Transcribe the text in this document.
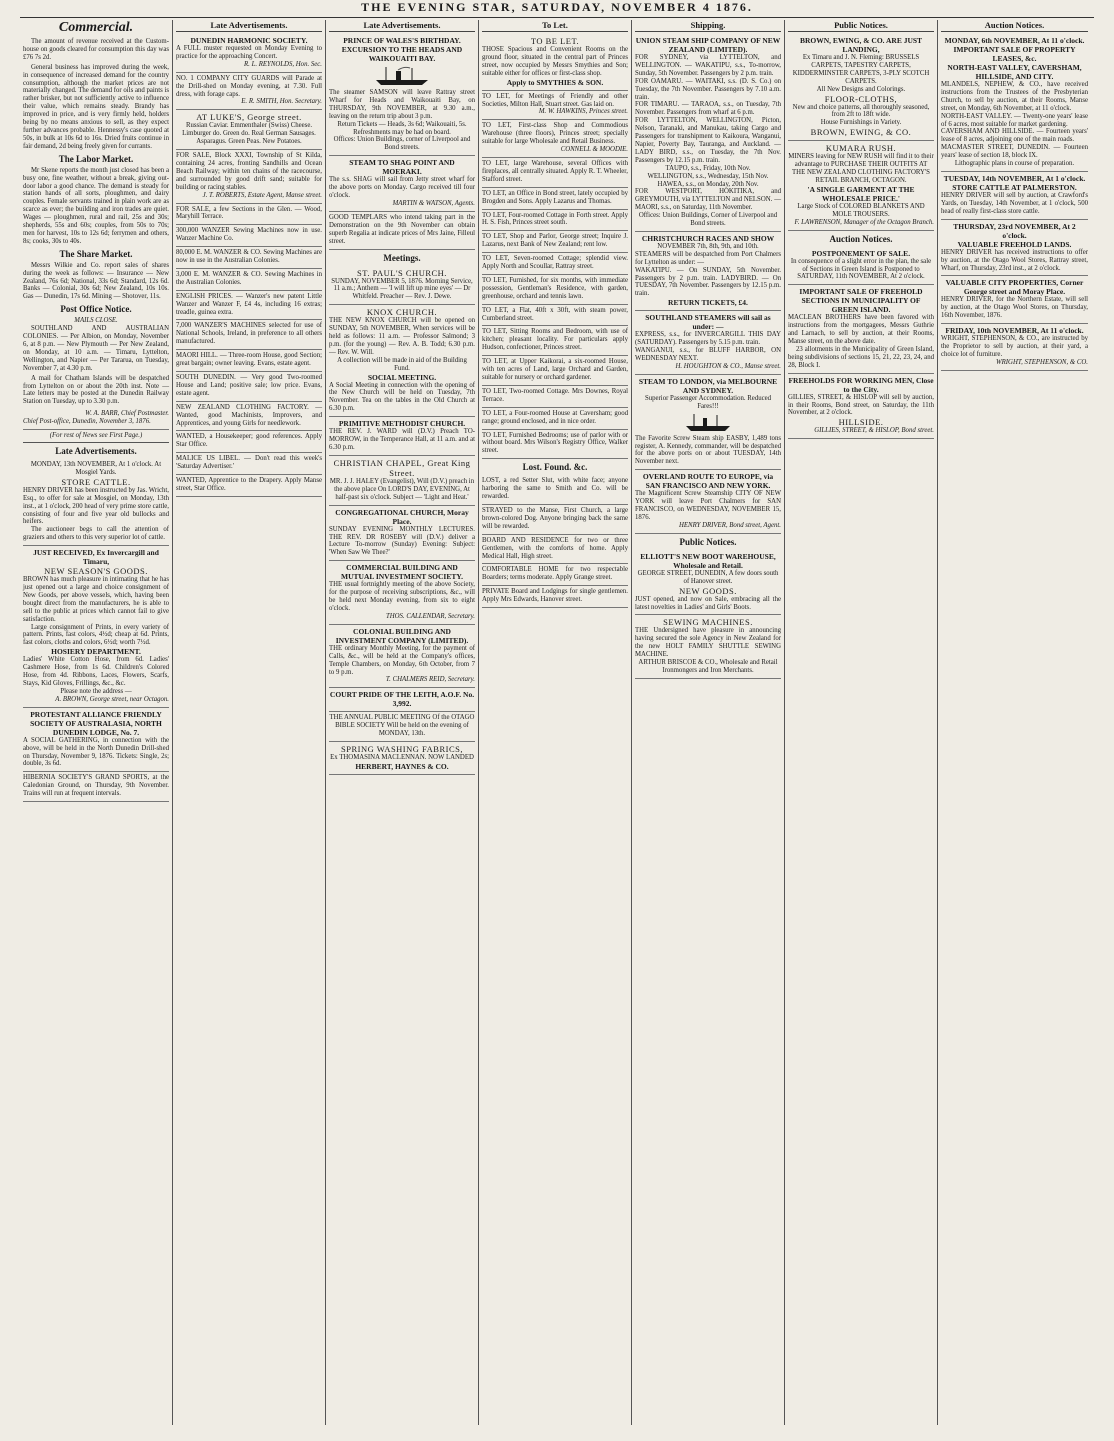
THE EVENING STAR, SATURDAY, NOVEMBER 4 1876.
Commercial.

The amount of revenue received at the Custom-house on goods cleared for consumption this day was £76 7s 2d.

General business has improved during the week, in consequence of increased demand for the country consumption, although the market prices are not materially changed. The demand for oils and paints is rather brisker, but not sufficiently active to influence their value, which remains steady. Brandy has improved in price, and is very firmly held, holders being by no means anxious to sell, as they expect further advances probable. Hennessy's case quoted at 50s, in bulk at 10s 6d to 16s. Dried fruits continue in fair demand, 2d being freely given for currants.

The Labor Market.

Mr Skene reports the month just closed has been a busy one, fine weather, without a break, giving out-door labor a good chance. The demand is steady for station hands of all sorts, ploughmen, and dairy couples. Female servants trained in plain work are as scarce as ever; the building and iron trades are quiet. Wages — ploughmen, rural and rail, 25s and 30s; shepherds, 55s and 60s; couples, from 50s to 70s; men for harvest, 10s to 12s 6d; ferrymen and others, 8s; cooks, 30s to 40s.

The Share Market.

Messrs Wilkie and Co. report sales of shares during the week as follows: — Insurance — New Zealand, 76s 6d; National, 33s 6d; Standard, 12s 6d. Banks — Colonial, 30s 6d; New Zealand, 10s 10s. Gas — Dunedin, 17s 6d. Mining — Shotover, 11s.

Post Office Notice.
MAILS CLOSE.

SOUTHLAND AND AUSTRALIAN COLONIES. — Per Albion, on Monday, November 6, at 8 p.m. — New Plymouth — Per New Zealand, on Monday, at 10 a.m. — Timaru, Lyttelton, Wellington, and Napier — Per Tararua, on Tuesday, November 7, at 4.30 p.m.

A mail for Chatham Islands will be despatched from Lyttelton on or about the 20th inst. Note — Late letters may be posted at the Dunedin Railway Station on Tuesday, up to 3.30 p.m.

W. A. BARR, Chief Postmaster.

Chief Post-office, Dunedin, November 3, 1876.

(For rest of News see First Page.)
Late Advertisements.

MONDAY, 13th NOVEMBER, At 1 o'clock. At Mosgiel Yards.

STORE CATTLE.

HENRY DRIVER has been instructed by Jas. Wricht, Esq., to offer for sale at Mosgiel, on Monday, 13th inst., at 1 o'clock, 200 head of very prime store cattle, consisting of four and five year old bullocks and heifers.

The auctioneer begs to call the attention of graziers and others to this very superior lot of cattle.

JUST RECEIVED, Ex Invercargill and Timaru,

NEW SEASON'S GOODS.

BROWN has much pleasure in intimating that he has just opened out a large and choice consignment of New Goods, per above vessels, which, having been bought direct from the manufacturers, he is able to sell to the public at prices which cannot fail to give satisfaction.

Large consignment of Prints, in every variety of pattern. Prints, fast colors, 4½d; cheap at 6d. Prints, fast colors, cloths and colors, 6½d; worth 7½d.

HOSIERY DEPARTMENT.

Ladies' White Cotton Hose, from 6d. Ladies' Cashmere Hose, from 1s 6d. Children's Colored Hose, from 4d. Ribbons, Laces, Flowers, Scarfs, Stays, Kid Gloves, Frillings, &c., &c.

Please note the address —

A. BROWN, George street, near Octagon.

PROTESTANT ALLIANCE FRIENDLY SOCIETY OF AUSTRALASIA, NORTH DUNEDIN LODGE, No. 7.

A SOCIAL GATHERING, in connection with the above, will be held in the North Dunedin Drill-shed on Thursday, November 9, 1876. Tickets: Single, 2s; double, 3s 6d.

HIBERNIA SOCIETY'S GRAND SPORTS, at the Caledonian Ground, on Thursday, 9th November. Trains will run at frequent intervals.

Late Advertisements.

DUNEDIN HARMONIC SOCIETY.

A FULL muster requested on Monday Evening to practice for the approaching Concert.

R. L. REYNOLDS, Hon. Sec.

NO. 1 COMPANY CITY GUARDS will Parade at the Drill-shed on Monday evening, at 7.30. Full dress, with forage caps.

E. R. SMITH, Hon. Secretary.

AT LUKE'S, George street.

Russian Caviar. Emmenthaler (Swiss) Cheese. Limburger do. Green do. Real German Sausages. Asparagus. Green Peas. New Potatoes.

FOR SALE, Block XXXI, Township of St Kilda, containing 24 acres, fronting Sandhills and Ocean Beach Railway; within ten chains of the racecourse, and surrounded by good drift sand; suitable for building or racing stables.

J. T. ROBERTS, Estate Agent, Manse street.

FOR SALE, a few Sections in the Glen. — Wood, Maryhill Terrace.

300,000 WANZER Sewing Machines now in use. Wanzer Machine Co.

80,000 E. M. WANZER & CO. Sewing Machines are now in use in the Australian Colonies.

3,000 E. M. WANZER & CO. Sewing Machines in the Australian Colonies.

ENGLISH PRICES. — Wanzer's new patent Little Wanzer and Wanzer F, £4 4s, including 16 extras; treadle, guinea extra.

7,000 WANZER'S MACHINES selected for use of National Schools, Ireland, in preference to all others manufactured.

MAORI HILL. — Three-room House, good Section; great bargain; owner leaving. Evans, estate agent.

SOUTH DUNEDIN. — Very good Two-roomed House and Land; positive sale; low price. Evans, estate agent.

NEW ZEALAND CLOTHING FACTORY. — Wanted, good Machinists, Improvers, and Apprentices, and young Girls for needlework.

WANTED, a Housekeeper; good references. Apply Star Office.

MALICE US LIBEL. — Don't read this week's 'Saturday Advertiser.'

WANTED, Apprentice to the Drapery. Apply Manse street, Star Office.

Late Advertisements.

PRINCE OF WALES'S BIRTHDAY.

EXCURSION TO THE HEADS AND WAIKOUAITI BAY.

The steamer SAMSON will leave Rattray street Wharf for Heads and Waikouaiti Bay, on THURSDAY, 9th NOVEMBER, at 9.30 a.m., leaving on the return trip about 3 p.m.

Return Tickets — Heads, 3s 6d; Waikouaiti, 5s.

Refreshments may be had on board.

Offices: Union Buildings, corner of Liverpool and Bond streets.

STEAM TO SHAG POINT AND MOERAKI.

The s.s. SHAG will sail from Jetty street wharf for the above ports on Monday. Cargo received till four o'clock.

MARTIN & WATSON, Agents.

GOOD TEMPLARS who intend taking part in the Demonstration on the 9th November can obtain superb Regalia at indicate prices of Mrs Jaine, Filleul street.

Meetings.

ST. PAUL'S CHURCH.

SUNDAY, NOVEMBER 5, 1876. Morning Service, 11 a.m.; Anthem — 'I will lift up mine eyes' — Dr Whitfeld. Preacher — Rev. J. Dewe.

KNOX CHURCH.

THE NEW KNOX CHURCH will be opened on SUNDAY, 5th NOVEMBER, When services will be held as follows: 11 a.m. — Professor Salmond; 3 p.m. (for the young) — Rev. A. B. Todd; 6.30 p.m. — Rev. W. Will.

A collection will be made in aid of the Building Fund.

SOCIAL MEETING.

A Social Meeting in connection with the opening of the New Church will be held on Tuesday, 7th November. Tea on the tables in the Old Church at 6.30 p.m.

PRIMITIVE METHODIST CHURCH.

THE REV. J. WARD will (D.V.) Preach TO-MORROW, in the Temperance Hall, at 11 a.m. and at 6.30 p.m.

CHRISTIAN CHAPEL, Great King Street.

MR. J. J. HALEY (Evangelist), Will (D.V.) preach in the above place On LORD'S DAY, EVENING, At half-past six o'clock. Subject — 'Light and Heat.'

CONGREGATIONAL CHURCH, Moray Place.

SUNDAY EVENING MONTHLY LECTURES. THE REV. DR ROSEBY will (D.V.) deliver a Lecture To-morrow (Sunday) Evening: Subject: 'When Saw We Thee?'

COMMERCIAL BUILDING AND MUTUAL INVESTMENT SOCIETY.

THE usual fortnightly meeting of the above Society, for the purpose of receiving subscriptions, &c., will be held next Monday evening, from six to eight o'clock.

THOS. CALLENDAR, Secretary.

COLONIAL BUILDING AND INVESTMENT COMPANY (LIMITED).

THE ordinary Monthly Meeting, for the payment of Calls, &c., will be held at the Company's offices, Temple Chambers, on Monday, 6th October, from 7 to 9 p.m.

T. CHALMERS REID, Secretary.

COURT PRIDE OF THE LEITH, A.O.F. No. 3,992.

THE ANNUAL PUBLIC MEETING Of the OTAGO BIBLE SOCIETY Will be held on the evening of MONDAY, 13th.

SPRING WASHING FABRICS,

Ex THOMASINA MACLENNAN. NOW LANDED

HERBERT, HAYNES & CO.

To Let.

TO BE LET.

THOSE Spacious and Convenient Rooms on the ground floor, situated in the central part of Princes street, now occupied by Messrs Smythies and Son; suitable either for offices or first-class shop.

Apply to SMYTHIES & SON.

TO LET, for Meetings of Friendly and other Societies, Milton Hall, Stuart street. Gas laid on.

M. W. HAWKINS, Princes street.

TO LET, First-class Shop and Commodious Warehouse (three floors), Princes street; specially suitable for large Wholesale and Retail Business.

CONNELL & MOODIE.

TO LET, large Warehouse, several Offices with fireplaces, all centrally situated. Apply R. T. Wheeler, Stafford street.

TO LET, an Office in Bond street, lately occupied by Brogden and Sons. Apply Lazarus and Thomas.

TO LET, Four-roomed Cottage in Forth street. Apply H. S. Fish, Princes street south.

TO LET, Shop and Parlor, George street; Inquire J. Lazarus, next Bank of New Zealand; rent low.

TO LET, Seven-roomed Cottage; splendid view. Apply North and Scoullar, Rattray street.

TO LET, Furnished, for six months, with immediate possession, Gentleman's Residence, with garden, greenhouse, orchard and tennis lawn.

TO LET, a Flat, 40ft x 30ft, with steam power, Cumberland street.

TO LET, Sitting Rooms and Bedroom, with use of kitchen; pleasant locality. For particulars apply Hudson, confectioner, Princes street.

TO LET, at Upper Kaikorai, a six-roomed House, with ten acres of Land, large Orchard and Garden, suitable for nursery or orchard gardener.

TO LET, Two-roomed Cottage. Mrs Downes, Royal Terrace.

TO LET, a Four-roomed House at Caversham; good range; ground enclosed, and in nice order.

TO LET, Furnished Bedrooms; use of parlor with or without board. Mrs Wilson's Registry Office, Walker street.

Lost. Found. &c.

LOST, a red Setter Slut, with white face; anyone harboring the same to Smith and Co. will be rewarded.

STRAYED to the Manse, First Church, a large brown-colored Dog. Anyone bringing back the same will be rewarded.

BOARD AND RESIDENCE for two or three Gentlemen, with the comforts of home. Apply Medical Hall, High street.

COMFORTABLE HOME for two respectable Boarders; terms moderate. Apply Grange street.

PRIVATE Board and Lodgings for single gentlemen. Apply Mrs Edwards, Hanover street.

Shipping.

UNION STEAM SHIP COMPANY OF NEW ZEALAND (LIMITED).

FOR SYDNEY, via LYTTELTON, and WELLINGTON. — WAKATIPU, s.s., To-morrow, Sunday, 5th November. Passengers by 2 p.m. train.

FOR OAMARU. — WAITAKI, s.s. (D. S. Co.) on Tuesday, the 7th November. Passengers by 7.10 a.m. train.

FOR TIMARU. — TARAOA, s.s., on Tuesday, 7th November. Passengers from wharf at 6 p.m.

FOR LYTTELTON, WELLINGTON, Picton, Nelson, Taranaki, and Manukau, taking Cargo and Passengers for transhipment to Kaikoura, Wanganui, Napier, Poverty Bay, Tauranga, and Auckland. — LADY BIRD, s.s., on Tuesday, the 7th Nov. Passengers by 12.15 p.m. train.

TAUPO, s.s., Friday, 10th Nov.

WELLINGTON, s.s., Wednesday, 15th Nov.

HAWEA, s.s., on Monday, 20th Nov.

FOR WESTPORT, HOKITIKA, and GREYMOUTH, via LYTTELTON and NELSON. — MAORI, s.s., on Saturday, 11th November.

Offices: Union Buildings, Corner of Liverpool and Bond streets.

CHRISTCHURCH RACES AND SHOW

NOVEMBER 7th, 8th, 9th, and 10th.

STEAMERS will be despatched from Port Chalmers for Lyttelton as under: —

WAKATIPU. — On SUNDAY, 5th November. Passengers by 2 p.m. train. LADYBIRD. — On TUESDAY, 7th November. Passengers by 12.15 p.m. train.

RETURN TICKETS, £4.

SOUTHLAND STEAMERS will sail as under: —

EXPRESS, s.s., for INVERCARGILL THIS DAY (SATURDAY). Passengers by 5.15 p.m. train.

WANGANUI, s.s., for BLUFF HARBOR, ON WEDNESDAY NEXT.

H. HOUGHTON & CO., Manse street.

STEAM TO LONDON, via MELBOURNE AND SYDNEY.

Superior Passenger Accommodation. Reduced Fares!!!

The Favorite Screw Steam ship EASBY, 1,489 tons register, A. Kennedy, commander, will be despatched for the above ports on or about TUESDAY, 14th November next.

OVERLAND ROUTE TO EUROPE, via SAN FRANCISCO AND NEW YORK.

The Magnificent Screw Steamship CITY OF NEW YORK will leave Port Chalmers for SAN FRANCISCO, on WEDNESDAY, NOVEMBER 15, 1876.

HENRY DRIVER, Bond street, Agent.

Public Notices.

ELLIOTT'S NEW BOOT WAREHOUSE, Wholesale and Retail.

GEORGE STREET, DUNEDIN, A few doors south of Hanover street.

NEW GOODS.

JUST opened, and now on Sale, embracing all the latest novelties in Ladies' and Girls' Boots.

SEWING MACHINES.

THE Undersigned have pleasure in announcing having secured the sole Agency in New Zealand for the new HOLT FAMILY SHUTTLE SEWING MACHINE.

ARTHUR BRISCOE & CO., Wholesale and Retail Ironmongers and Iron Merchants.

Public Notices.

BROWN, EWING, & CO. ARE JUST LANDING,

Ex Timaru and J. N. Fleming: BRUSSELS CARPETS, TAPESTRY CARPETS, KIDDERMINSTER CARPETS, 3-PLY SCOTCH CARPETS.

All New Designs and Colorings.

FLOOR-CLOTHS,

New and choice patterns, all thoroughly seasoned, from 2ft to 18ft wide.

House Furnishings in Variety.

BROWN, EWING, & CO.

KUMARA RUSH.

MINERS leaving for NEW RUSH will find it to their advantage to PURCHASE THEIR OUTFITS AT THE NEW ZEALAND CLOTHING FACTORY'S RETAIL BRANCH, OCTAGON.

'A SINGLE GARMENT AT THE WHOLESALE PRICE.'

Large Stock of COLORED BLANKETS AND MOLE TROUSERS.

F. LAWRENSON, Manager of the Octagon Branch.

Auction Notices.

POSTPONEMENT OF SALE.

In consequence of a slight error in the plan, the sale of Sections in Green Island is Postponed to SATURDAY, 11th NOVEMBER, At 2 o'clock.

IMPORTANT SALE OF FREEHOLD SECTIONS IN MUNICIPALITY OF GREEN ISLAND.

MACLEAN BROTHERS have been favored with instructions from the mortgagees, Messrs Guthrie and Larnach, to sell by auction, at their Rooms, Manse street, on the above date.

23 allotments in the Municipality of Green Island, being subdivisions of sections 15, 21, 22, 23, 24, and 28, Block I.

FREEHOLDS FOR WORKING MEN, Close to the City.

GILLIES, STREET, & HISLOP will sell by auction, in their Rooms, Bond street, on Saturday, the 11th November, at 2 o'clock.

HILLSIDE.

GILLIES, STREET, & HISLOP, Bond street.

Auction Notices.

MONDAY, 6th NOVEMBER, At 11 o'clock.

IMPORTANT SALE OF PROPERTY LEASES, &c.

NORTH-EAST VALLEY, CAVERSHAM, HILLSIDE, AND CITY.

MLANDELS, NEPHEW, & CO., have received instructions from the Trustees of the Presbyterian Church, to sell by auction, at their Rooms, Manse street, on Monday, 6th November, at 11 o'clock.

NORTH-EAST VALLEY. — Twenty-one years' lease of 6 acres, most suitable for market gardening.

CAVERSHAM AND HILLSIDE. — Fourteen years' lease of 8 acres, adjoining one of the main roads.

MACMASTER STREET, DUNEDIN. — Fourteen years' lease of section 18, block IX.

Lithographic plans in course of preparation.

TUESDAY, 14th NOVEMBER, At 1 o'clock.

STORE CATTLE AT PALMERSTON.

HENRY DRIVER will sell by auction, at Crawford's Yards, on Tuesday, 14th November, at 1 o'clock, 500 head of really first-class store cattle.

THURSDAY, 23rd NOVEMBER, At 2 o'clock.

VALUABLE FREEHOLD LANDS.

HENRY DRIVER has received instructions to offer by auction, at the Otago Wool Stores, Rattray street, Wharf, on Thursday, 23rd inst., at 2 o'clock.

VALUABLE CITY PROPERTIES, Corner George street and Moray Place.

HENRY DRIVER, for the Northern Estate, will sell by auction, at the Otago Wool Stores, on Thursday, 16th November, 1876.

FRIDAY, 10th NOVEMBER, At 11 o'clock.

WRIGHT, STEPHENSON, & CO., are instructed by the Proprietor to sell by auction, at their yard, a choice lot of furniture.

WRIGHT, STEPHENSON, & CO.
